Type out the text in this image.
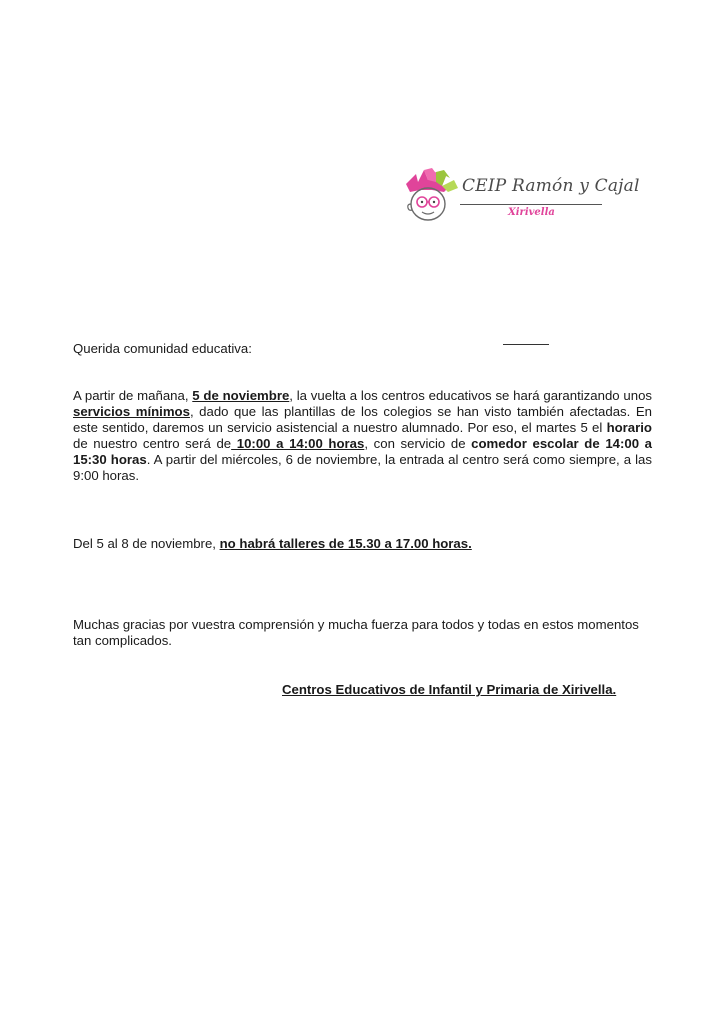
CEIP Ramón y Cajal
Xirivella
Querida comunidad educativa:
A partir de mañana, 5 de noviembre, la vuelta a los centros educativos se hará garantizando unos servicios mínimos, dado que las plantillas de los colegios se han visto también afectadas. En este sentido, daremos un servicio asistencial a nuestro alumnado. Por eso, el martes 5 el horario de nuestro centro será de 10:00 a 14:00 horas, con servicio de comedor escolar de 14:00 a 15:30 horas. A partir del miércoles, 6 de noviembre, la entrada al centro será como siempre, a las 9:00 horas.
Del 5 al 8 de noviembre, no habrá talleres de 15.30 a 17.00 horas.
Muchas gracias por vuestra comprensión y mucha fuerza para todos y todas en estos momentos tan complicados.
Centros Educativos de Infantil y Primaria de Xirivella.
